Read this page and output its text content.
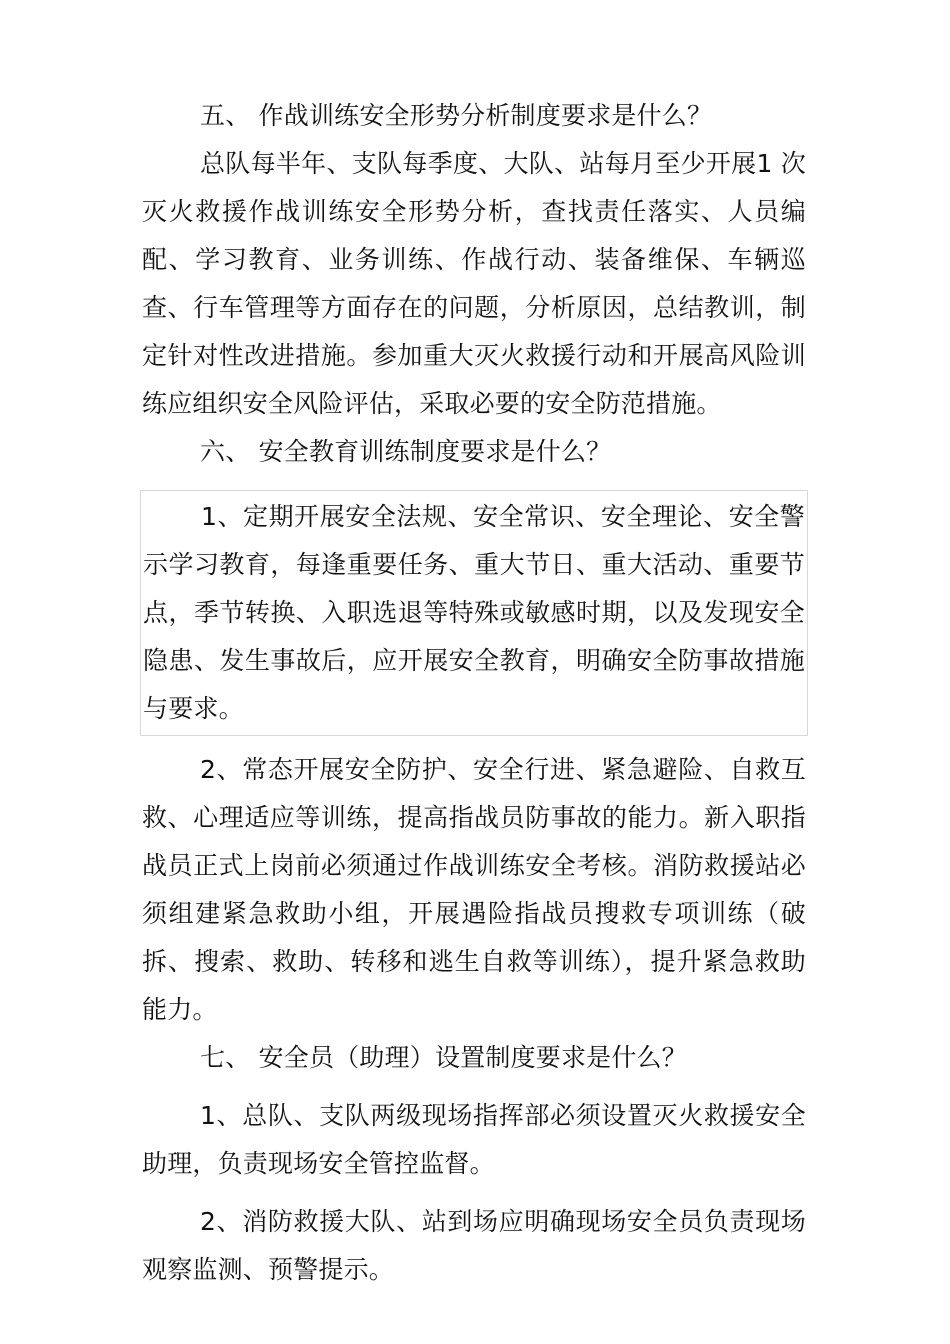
五、 作战训练安全形势分析制度要求是什么？

总队每半年、支队每季度、大队、站每月至少开展1 次灭火救援作战训练安全形势分析，查找责任落实、人员编配、学习教育、业务训练、作战行动、装备维保、车辆巡查、行车管理等方面存在的问题，分析原因，总结教训，制定针对性改进措施。参加重大灭火救援行动和开展高风险训练应组织安全风险评估，采取必要的安全防范措施。

六、 安全教育训练制度要求是什么？

1、定期开展安全法规、安全常识、安全理论、安全警示学习教育，每逢重要任务、重大节日、重大活动、重要节点，季节转换、入职选退等特殊或敏感时期，以及发现安全隐患、发生事故后，应开展安全教育，明确安全防事故措施与要求。

2、常态开展安全防护、安全行进、紧急避险、自救互救、心理适应等训练，提高指战员防事故的能力。新入职指战员正式上岗前必须通过作战训练安全考核。消防救援站必须组建紧急救助小组，开展遇险指战员搜救专项训练（破拆、搜索、救助、转移和逃生自救等训练），提升紧急救助能力。

七、 安全员（助理）设置制度要求是什么？

1、总队、支队两级现场指挥部必须设置灭火救援安全助理，负责现场安全管控监督。

2、消防救援大队、站到场应明确现场安全员负责现场观察监测、预警提示。
